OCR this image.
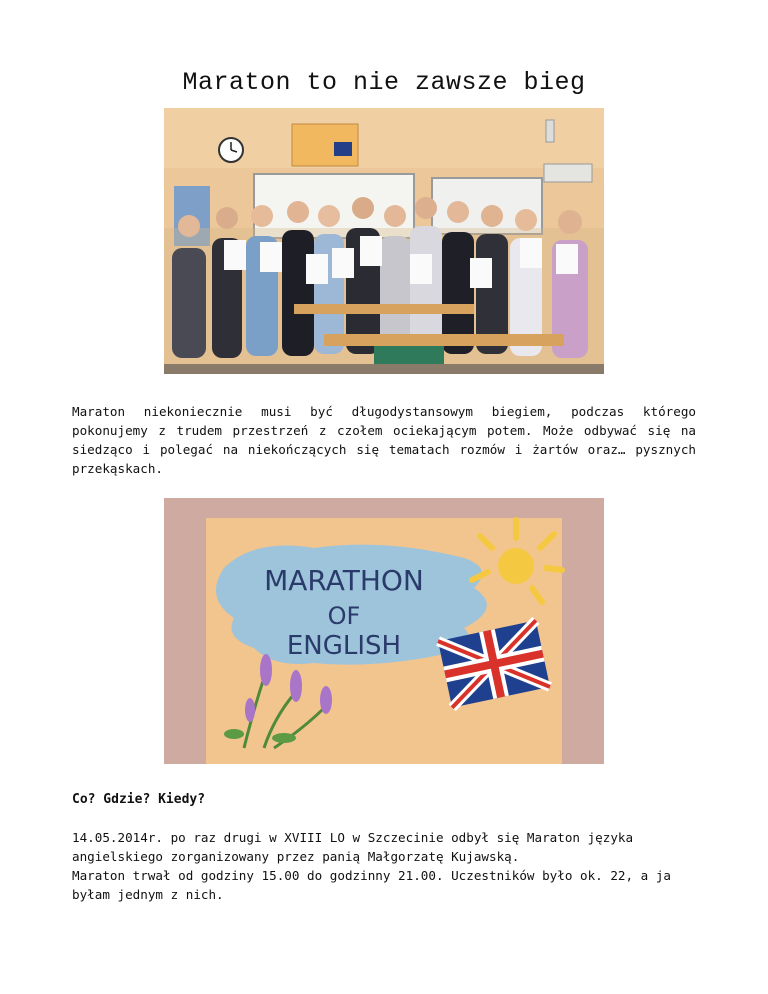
Maraton to nie zawsze bieg
Maraton niekoniecznie musi być długodystansowym biegiem, podczas którego pokonujemy z trudem przestrzeń z czołem ociekającym potem. Może odbywać się na siedząco i polegać na niekończących się tematach rozmów i żartów oraz… pysznych przekąskach.
MARATHON
OF
ENGLISH
Co? Gdzie? Kiedy?
14.05.2014r. po raz drugi w XVIII LO w Szczecinie odbył się Maraton języka
angielskiego zorganizowany przez panią Małgorzatę Kujawską.
Maraton trwał od godziny 15.00 do godzinny 21.00. Uczestników było ok. 22, a ja
byłam jednym z nich.
